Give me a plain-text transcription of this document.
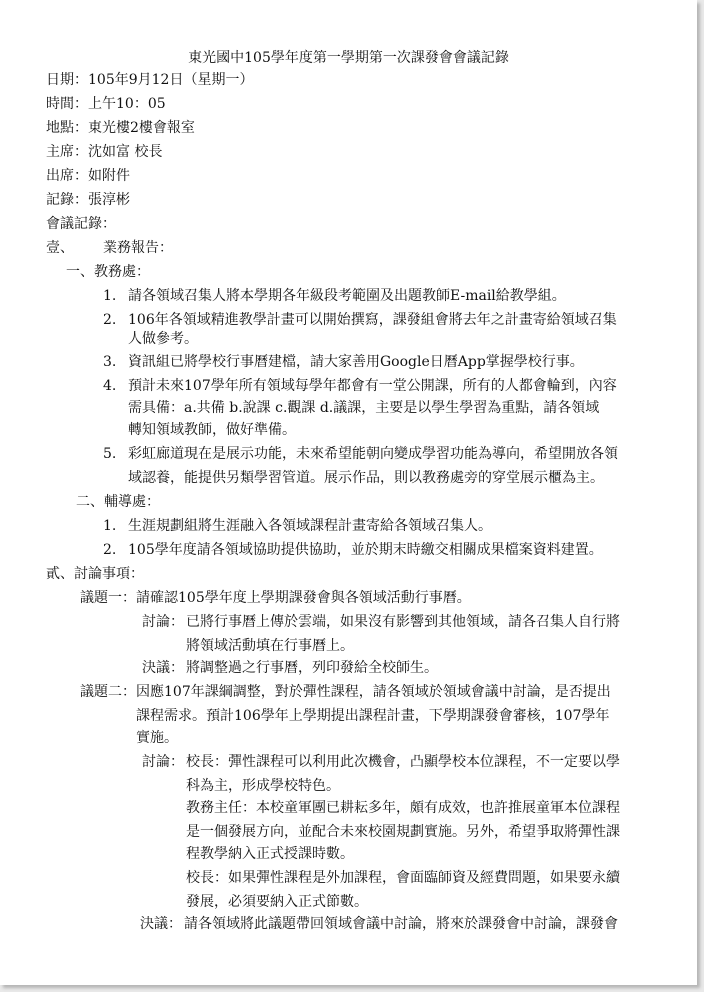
東光國中105學年度第一學期第一次課發會會議記錄
日期：105年9月12日（星期一）
時間：上午10：05
地點：東光樓2樓會報室
主席：沈如富 校長
出席：如附件
記錄：張淳彬
會議記錄：
壹、 業務報告：
一、教務處：
1. 請各領域召集人將本學期各年級段考範圍及出題教師E-mail給教學組。
2. 106年各領域精進教學計畫可以開始撰寫，課發組會將去年之計畫寄給領域召集
人做參考。
3. 資訊組已將學校行事曆建檔，請大家善用Google日曆App掌握學校行事。
4. 預計未來107學年所有領域每學年都會有一堂公開課，所有的人都會輪到，內容
需具備：a.共備 b.說課 c.觀課 d.議課，主要是以學生學習為重點，請各領域
轉知領域教師，做好準備。
5. 彩虹廊道現在是展示功能，未來希望能朝向變成學習功能為導向，希望開放各領
域認養，能提供另類學習管道。展示作品，則以教務處旁的穿堂展示櫃為主。
二、輔導處：
1. 生涯規劃組將生涯融入各領域課程計畫寄給各領域召集人。
2. 105學年度請各領域協助提供協助，並於期末時繳交相關成果檔案資料建置。
貳、討論事項：
議題一： 請確認105學年度上學期課發會與各領域活動行事曆。
討論： 已將行事曆上傳於雲端，如果沒有影響到其他領域，請各召集人自行將
將領域活動填在行事曆上。
決議： 將調整過之行事曆，列印發給全校師生。
議題二： 因應107年課綱調整，對於彈性課程，請各領域於領域會議中討論，是否提出
課程需求。預計106學年上學期提出課程計畫，下學期課發會審核，107學年
實施。
討論： 校長：彈性課程可以利用此次機會，凸顯學校本位課程，不一定要以學
科為主，形成學校特色。
教務主任：本校童軍團已耕耘多年，頗有成效，也許推展童軍本位課程
是一個發展方向，並配合未來校園規劃實施。另外，希望爭取將彈性課
程教學納入正式授課時數。
校長：如果彈性課程是外加課程，會面臨師資及經費問題，如果要永續
發展，必須要納入正式節數。
決議： 請各領域將此議題帶回領域會議中討論，將來於課發會中討論，課發會
